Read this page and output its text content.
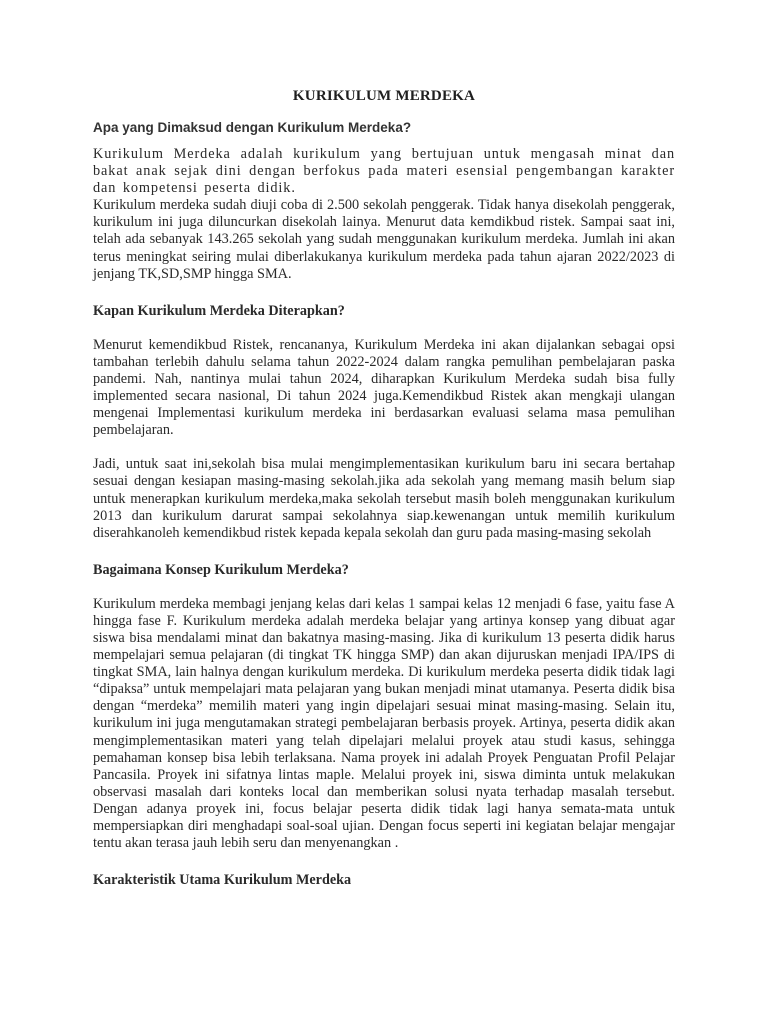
KURIKULUM MERDEKA
Apa yang Dimaksud dengan Kurikulum Merdeka?

Kurikulum Merdeka adalah kurikulum yang bertujuan untuk mengasah minat dan bakat anak sejak dini dengan berfokus pada materi esensial pengembangan karakter dan kompetensi peserta didik.

Kurikulum merdeka sudah diuji coba di 2.500 sekolah penggerak. Tidak hanya disekolah penggerak, kurikulum ini juga diluncurkan disekolah lainya. Menurut data kemdikbud ristek. Sampai saat ini, telah ada sebanyak 143.265 sekolah yang sudah menggunakan kurikulum merdeka. Jumlah ini akan terus meningkat seiring mulai diberlakukanya kurikulum merdeka pada tahun ajaran 2022/2023 di jenjang TK,SD,SMP hingga SMA.

Kapan Kurikulum Merdeka Diterapkan?

Menurut kemendikbud Ristek, rencananya, Kurikulum Merdeka ini akan dijalankan sebagai opsi tambahan terlebih dahulu selama tahun 2022-2024 dalam rangka pemulihan pembelajaran paska pandemi. Nah, nantinya mulai tahun 2024, diharapkan Kurikulum Merdeka sudah bisa fully implemented secara nasional, Di tahun 2024 juga.Kemendikbud Ristek akan mengkaji ulangan mengenai Implementasi kurikulum merdeka ini berdasarkan evaluasi selama masa pemulihan pembelajaran.

Jadi, untuk saat ini,sekolah bisa mulai mengimplementasikan kurikulum baru ini secara bertahap sesuai dengan kesiapan masing-masing sekolah.jika ada sekolah yang memang masih belum siap untuk menerapkan kurikulum merdeka,maka sekolah tersebut masih boleh menggunakan kurikulum 2013 dan kurikulum darurat sampai sekolahnya siap.kewenangan untuk memilih kurikulum diserahkanoleh kemendikbud ristek kepada kepala sekolah dan guru pada masing-masing sekolah

Bagaimana Konsep Kurikulum Merdeka?

Kurikulum merdeka membagi jenjang kelas dari kelas 1 sampai kelas 12 menjadi 6 fase, yaitu fase A hingga fase F. Kurikulum merdeka adalah merdeka belajar yang artinya konsep yang dibuat agar siswa bisa mendalami minat dan bakatnya masing-masing. Jika di kurikulum 13 peserta didik harus mempelajari semua pelajaran (di tingkat TK hingga SMP) dan akan dijuruskan menjadi IPA/IPS di tingkat SMA, lain halnya dengan kurikulum merdeka. Di kurikulum merdeka peserta didik tidak lagi “dipaksa” untuk mempelajari mata pelajaran yang bukan menjadi minat utamanya. Peserta didik bisa dengan “merdeka” memilih materi yang ingin dipelajari sesuai minat masing-masing. Selain itu, kurikulum ini juga mengutamakan strategi pembelajaran berbasis proyek. Artinya, peserta didik akan mengimplementasikan materi yang telah dipelajari melalui proyek atau studi kasus, sehingga pemahaman konsep bisa lebih terlaksana. Nama proyek ini adalah Proyek Penguatan Profil Pelajar Pancasila. Proyek ini sifatnya lintas maple. Melalui proyek ini, siswa diminta untuk melakukan observasi masalah dari konteks local dan memberikan solusi nyata terhadap masalah tersebut. Dengan adanya proyek ini, focus belajar peserta didik tidak lagi hanya semata-mata untuk mempersiapkan diri menghadapi soal-soal ujian. Dengan focus seperti ini kegiatan belajar mengajar tentu akan terasa jauh lebih seru dan menyenangkan .

Karakteristik Utama Kurikulum Merdeka
